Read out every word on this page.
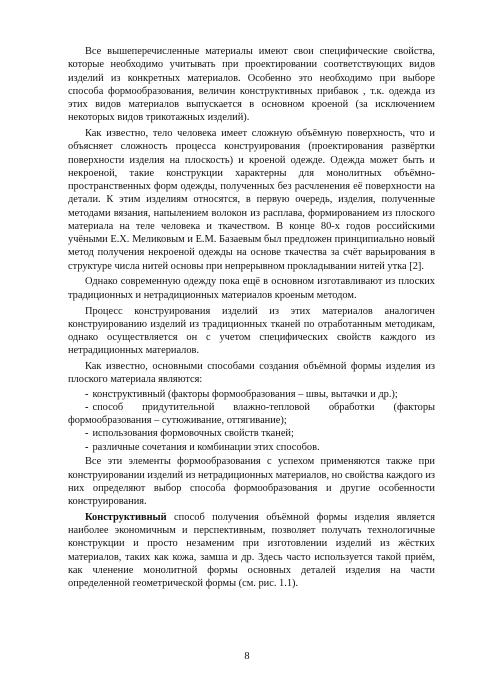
Все вышеперечисленные материалы имеют свои специфические свойства, которые необходимо учитывать при проектировании соответствующих видов изделий из конкретных материалов. Особенно это необходимо при выборе способа формообразования, величин конструктивных прибавок , т.к. одежда из этих видов материалов выпускается в основном кроеной (за исключением некоторых видов трикотажных изделий).

Как известно, тело человека имеет сложную объёмную поверхность, что и объясняет сложность процесса конструирования (проектирования развёртки поверхности изделия на плоскость) и кроеной одежде. Одежда может быть и некроеной, такие конструкции характерны для монолитных объёмно-пространственных форм одежды, полученных без расчленения её поверхности на детали. К этим изделиям относятся, в первую очередь, изделия, полученные методами вязания, напылением волокон из расплава, формированием из плоского материала на теле человека и ткачеством. В конце 80-х годов российскими учёными Е.Х. Меликовым и Е.М. Базаевым был предложен принципиально новый метод получения некроеной одежды на основе ткачества за счёт варьирования в структуре числа нитей основы при непрерывном прокладывании нитей утка [2].

Однако современную одежду пока ещё в основном изготавливают из плоских традиционных и нетрадиционных материалов кроеным методом.

Процесс конструирования изделий из этих материалов аналогичен конструированию изделий из традиционных тканей по отработанным методикам, однако осуществляется он с учетом специфических свойств каждого из нетрадиционных материалов.

Как известно, основными способами создания объёмной формы изделия из плоского материала являются:

- конструктивный (факторы формообразования – швы, вытачки и др.);

- способ придутительной влажно-тепловой обработки (факторы формообразования – сутюживание, оттягивание);

- использования формовочных свойств тканей;

- различные сочетания и комбинации этих способов.

Все эти элементы формообразования с успехом применяются также при конструировании изделий из нетрадиционных материалов, но свойства каждого из них определяют выбор способа формообразования и другие особенности конструирования.

Конструктивный способ получения объёмной формы изделия является наиболее экономичным и перспективным, позволяет получать технологичные конструкции и просто незаменим при изготовлении изделий из жёстких материалов, таких как кожа, замша и др. Здесь часто используется такой приём, как членение монолитной формы основных деталей изделия на части определенной геометрической формы (см. рис. 1.1).

8
